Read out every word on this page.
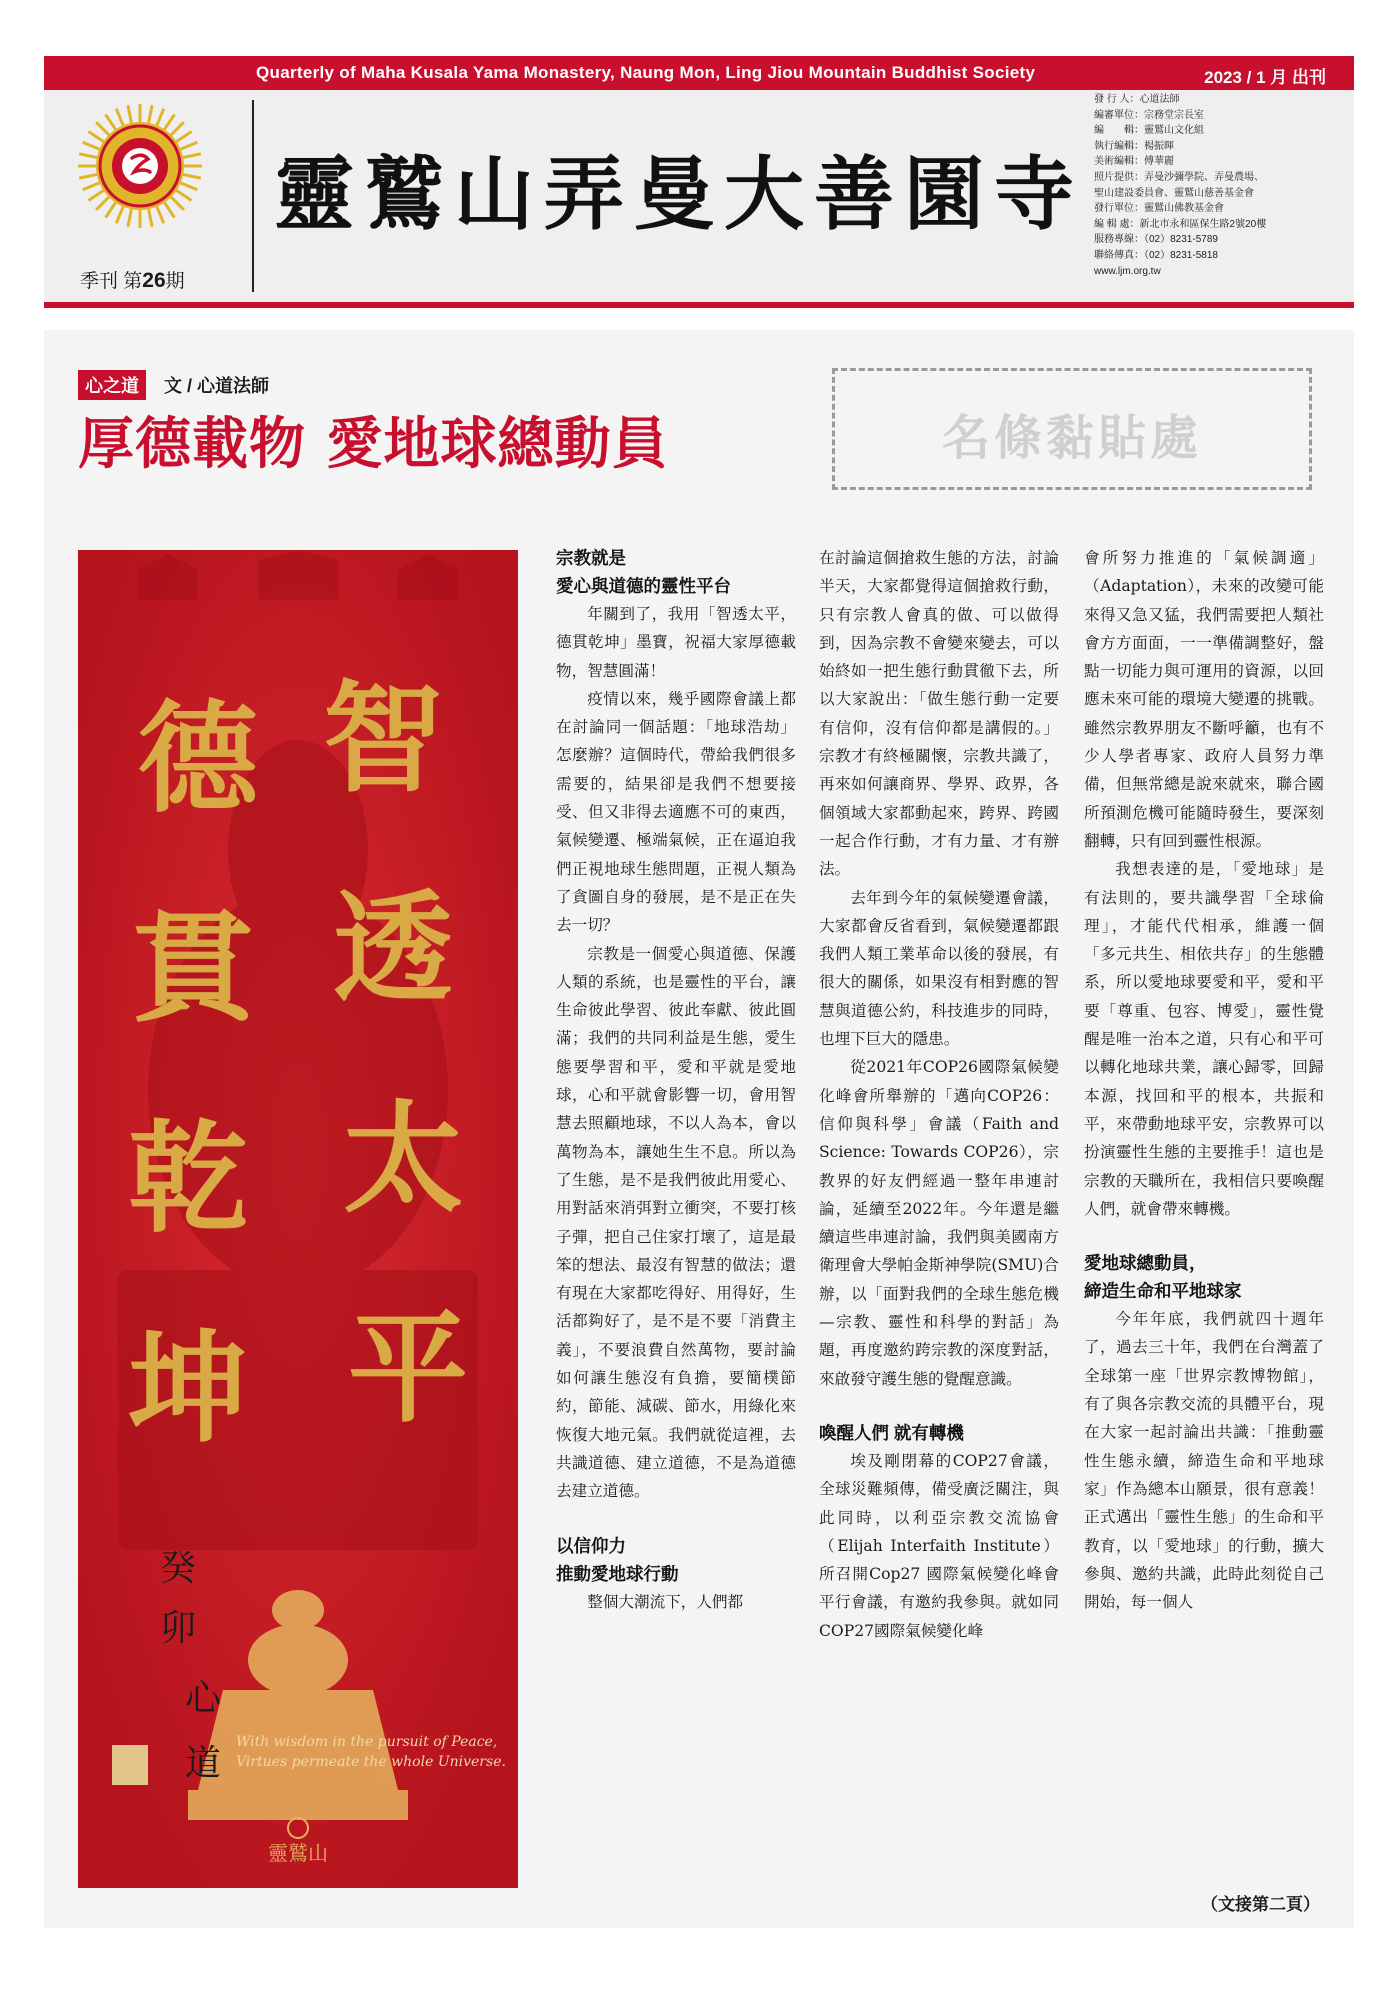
Quarterly of Maha Kusala Yama Monastery, Naung Mon, Ling Jiou Mountain Buddhist Society	2023 / 1 月 出刊
季刊 第26期
靈鷲山弄曼大善園寺
發 行 人：心道法師
編審單位：宗務堂宗長室
編　　輯：靈鷲山文化組
執行編輯：楊振暉
美術編輯：傅華麗
照片提供：弄曼沙彌學院、弄曼農場、
聖山建設委員會、靈鷲山慈善基金會
發行單位：靈鷲山佛教基金會
編 輯 處：新北市永和區保生路2號20樓
服務專線：（02）8231-5789
聯絡傳真：（02）8231-5818
www.ljm.org.tw
心之道	文 / 心道法師
厚德載物 愛地球總動員	名條黏貼處
智
透
太
平
德
貫
乾
坤
癸
卯
心
道
With wisdom in the pursuit of Peace,
Virtues permeate the whole Universe.
靈鷲山
宗教就是
愛心與道德的靈性平台

年關到了，我用「智透太平，德貫乾坤」墨寶，祝福大家厚德載物，智慧圓滿！

疫情以來，幾乎國際會議上都在討論同一個話題：「地球浩劫」怎麼辦？這個時代，帶給我們很多需要的，結果卻是我們不想要接受、但又非得去適應不可的東西，氣候變遷、極端氣候，正在逼迫我們正視地球生態問題，正視人類為了貪圖自身的發展，是不是正在失去一切？

宗教是一個愛心與道德、保護人類的系統，也是靈性的平台，讓生命彼此學習、彼此奉獻、彼此圓滿；我們的共同利益是生態，愛生態要學習和平，愛和平就是愛地球，心和平就會影響一切，會用智慧去照顧地球，不以人為本，會以萬物為本，讓她生生不息。所以為了生態，是不是我們彼此用愛心、用對話來消弭對立衝突，不要打核子彈，把自己住家打壞了，這是最笨的想法、最沒有智慧的做法；還有現在大家都吃得好、用得好，生活都夠好了，是不是不要「消費主義」，不要浪費自然萬物，要討論如何讓生態沒有負擔，要簡樸節約，節能、減碳、節水，用綠化來恢復大地元氣。我們就從這裡，去共識道德、建立道德，不是為道德去建立道德。

以信仰力
推動愛地球行動

整個大潮流下，人們都

在討論這個搶救生態的方法，討論半天，大家都覺得這個搶救行動，只有宗教人會真的做、可以做得到，因為宗教不會變來變去，可以始終如一把生態行動貫徹下去，所以大家說出：「做生態行動一定要有信仰，沒有信仰都是講假的。」宗教才有終極關懷，宗教共識了，再來如何讓商界、學界、政界，各個領域大家都動起來，跨界、跨國一起合作行動，才有力量、才有辦法。

去年到今年的氣候變遷會議，大家都會反省看到，氣候變遷都跟我們人類工業革命以後的發展，有很大的關係，如果沒有相對應的智慧與道德公約，科技進步的同時，也埋下巨大的隱患。

從2021年COP26國際氣候變化峰會所舉辦的「邁向COP26：信仰與科學」會議（Faith and Science: Towards COP26），宗教界的好友們經過一整年串連討論，延續至2022年。今年還是繼續這些串連討論，我們與美國南方衛理會大學帕金斯神學院(SMU)合辦，以「面對我們的全球生態危機—宗教、靈性和科學的對話」為題，再度邀約跨宗教的深度對話，來啟發守護生態的覺醒意識。

喚醒人們 就有轉機

埃及剛閉幕的COP27會議，全球災難頻傳，備受廣泛關注，與此同時，以利亞宗教交流協會（Elijah Interfaith Institute）所召開Cop27 國際氣候變化峰會平行會議，有邀約我參與。就如同COP27國際氣候變化峰

會所努力推進的「氣候調適」（Adaptation），未來的改變可能來得又急又猛，我們需要把人類社會方方面面，一一準備調整好，盤點一切能力與可運用的資源，以回應未來可能的環境大變遷的挑戰。雖然宗教界朋友不斷呼籲，也有不少人學者專家、政府人員努力準備，但無常總是說來就來，聯合國所預測危機可能隨時發生，要深刻翻轉，只有回到靈性根源。

我想表達的是，「愛地球」是有法則的，要共識學習「全球倫理」，才能代代相承，維護一個「多元共生、相依共存」的生態體系，所以愛地球要愛和平，愛和平要「尊重、包容、博愛」，靈性覺醒是唯一治本之道，只有心和平可以轉化地球共業，讓心歸零，回歸本源，找回和平的根本，共振和平，來帶動地球平安，宗教界可以扮演靈性生態的主要推手！這也是宗教的天職所在，我相信只要喚醒人們，就會帶來轉機。

愛地球總動員，
締造生命和平地球家

今年年底，我們就四十週年了，過去三十年，我們在台灣蓋了全球第一座「世界宗教博物館」，有了與各宗教交流的具體平台，現在大家一起討論出共識：「推動靈性生態永續，締造生命和平地球家」作為總本山願景，很有意義！正式邁出「靈性生態」的生命和平教育，以「愛地球」的行動，擴大參與、邀約共識，此時此刻從自己開始，每一個人

（文接第二頁）
